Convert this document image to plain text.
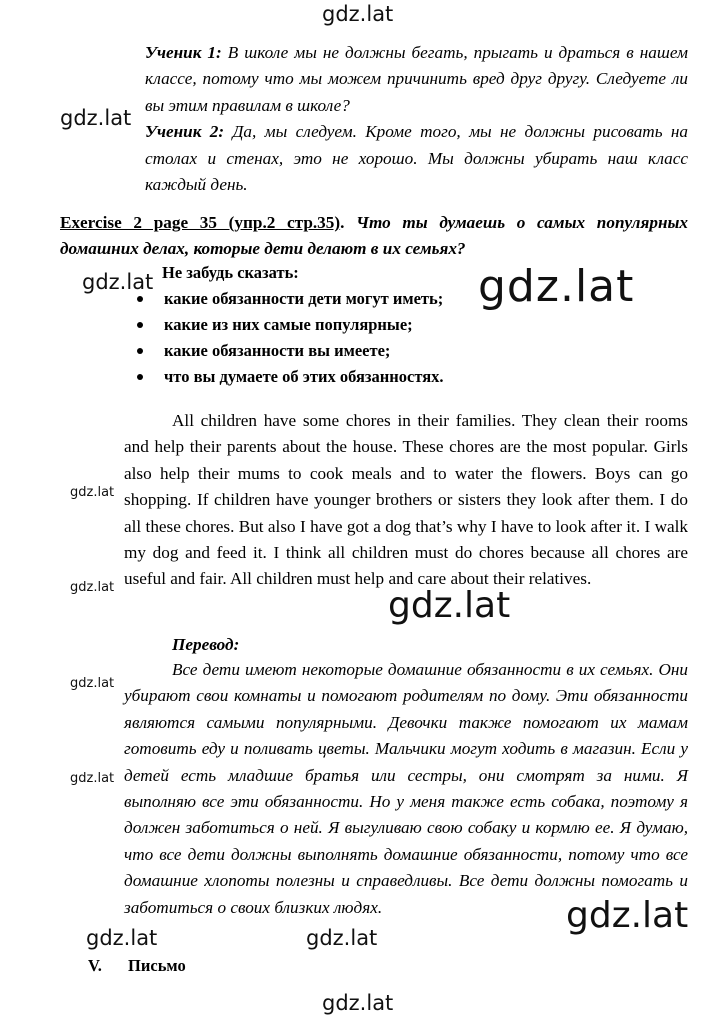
gdz.lat
gdz.lat
gdz.lat	gdz.lat
gdz.lat
gdz.lat	gdz.lat
gdz.lat
gdz.lat
gdz.lat
gdz.lat	gdz.lat
gdz.lat
Ученик 1: В школе мы не должны бегать, прыгать и драться в нашем классе, потому что мы можем причинить вред друг другу. Следуете ли вы этим правилам в школе?
Ученик 2: Да, мы следуем. Кроме того, мы не должны рисовать на столах и стенах, это не хорошо. Мы должны убирать наш класс каждый день.
Exercise 2 page 35 (упр.2 стр.35). Что ты думаешь о самых популярных домашних делах, которые дети делают в их семьях?
Не забудь сказать:
какие обязанности дети могут иметь;
какие из них самые популярные;
какие обязанности вы имеете;
что вы думаете об этих обязанностях.
All children have some chores in their families. They clean their rooms and help their parents about the house. These chores are the most popular. Girls also help their mums to cook meals and to water the flowers. Boys can go shopping. If children have younger brothers or sisters they look after them. I do all these chores. But also I have got a dog that’s why I have to look after it. I walk my dog and feed it. I think all children must do chores because all chores are useful and fair. All children must help and care about their relatives.
Перевод:
Все дети имеют некоторые домашние обязанности в их семьях. Они убирают свои комнаты и помогают родителям по дому. Эти обязанности являются самыми популярными. Девочки также помогают их мамам готовить еду и поливать цветы. Мальчики могут ходить в магазин. Если у детей есть младшие братья или сестры, они смотрят за ними. Я выполняю все эти обязанности. Но у меня также есть собака, поэтому я должен заботиться о ней. Я выгуливаю свою собаку и кормлю ее. Я думаю, что все дети должны выполнять домашние обязанности, потому что все домашние хлопоты полезны и справедливы. Все дети должны помогать и заботиться о своих близких людях.
V. Письмо
